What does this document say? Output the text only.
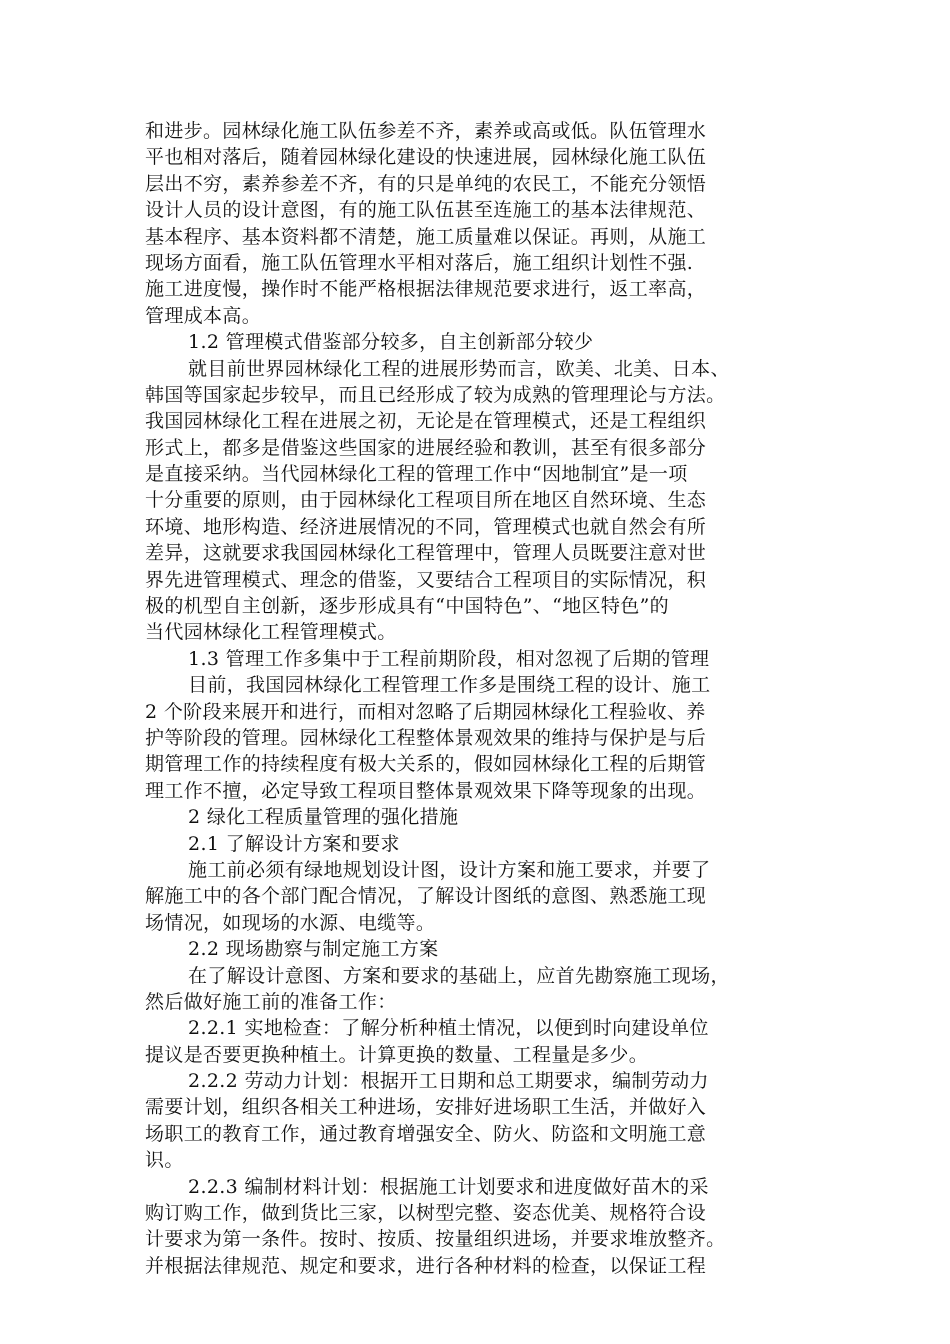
和进步。园林绿化施工队伍参差不齐，素养或高或低。队伍管理水
平也相对落后，随着园林绿化建设的快速进展，园林绿化施工队伍
层出不穷，素养参差不齐，有的只是单纯的农民工，不能充分领悟
设计人员的设计意图，有的施工队伍甚至连施工的基本法律规范、
基本程序、基本资料都不清楚，施工质量难以保证。再则，从施工
现场方面看，施工队伍管理水平相对落后，施工组织计划性不强.
施工进度慢，操作时不能严格根据法律规范要求进行，返工率高，
管理成本高。
1.2 管理模式借鉴部分较多，自主创新部分较少
就目前世界园林绿化工程的进展形势而言，欧美、北美、日本、
韩国等国家起步较早，而且已经形成了较为成熟的管理理论与方法。
我国园林绿化工程在进展之初，无论是在管理模式，还是工程组织
形式上，都多是借鉴这些国家的进展经验和教训，甚至有很多部分
是直接采纳。当代园林绿化工程的管理工作中“因地制宜”是一项
十分重要的原则，由于园林绿化工程项目所在地区自然环境、生态
环境、地形构造、经济进展情况的不同，管理模式也就自然会有所
差异，这就要求我国园林绿化工程管理中，管理人员既要注意对世
界先进管理模式、理念的借鉴，又要结合工程项目的实际情况，积
极的机型自主创新，逐步形成具有“中国特色”、“地区特色”的
当代园林绿化工程管理模式。
1.3 管理工作多集中于工程前期阶段，相对忽视了后期的管理
目前，我国园林绿化工程管理工作多是围绕工程的设计、施工
2 个阶段来展开和进行，而相对忽略了后期园林绿化工程验收、养
护等阶段的管理。园林绿化工程整体景观效果的维持与保护是与后
期管理工作的持续程度有极大关系的，假如园林绿化工程的后期管
理工作不擅，必定导致工程项目整体景观效果下降等现象的出现。
2 绿化工程质量管理的强化措施
2.1 了解设计方案和要求
施工前必须有绿地规划设计图，设计方案和施工要求，并要了
解施工中的各个部门配合情况，了解设计图纸的意图、熟悉施工现
场情况，如现场的水源、电缆等。
2.2 现场勘察与制定施工方案
在了解设计意图、方案和要求的基础上，应首先勘察施工现场，
然后做好施工前的准备工作：
2.2.1 实地检查：了解分析种植土情况，以便到时向建设单位
提议是否要更换种植土。计算更换的数量、工程量是多少。
2.2.2 劳动力计划：根据开工日期和总工期要求，编制劳动力
需要计划，组织各相关工种进场，安排好进场职工生活，并做好入
场职工的教育工作，通过教育增强安全、防火、防盗和文明施工意
识。
2.2.3 编制材料计划：根据施工计划要求和进度做好苗木的采
购订购工作，做到货比三家，以树型完整、姿态优美、规格符合设
计要求为第一条件。按时、按质、按量组织进场，并要求堆放整齐。
并根据法律规范、规定和要求，进行各种材料的检查，以保证工程
